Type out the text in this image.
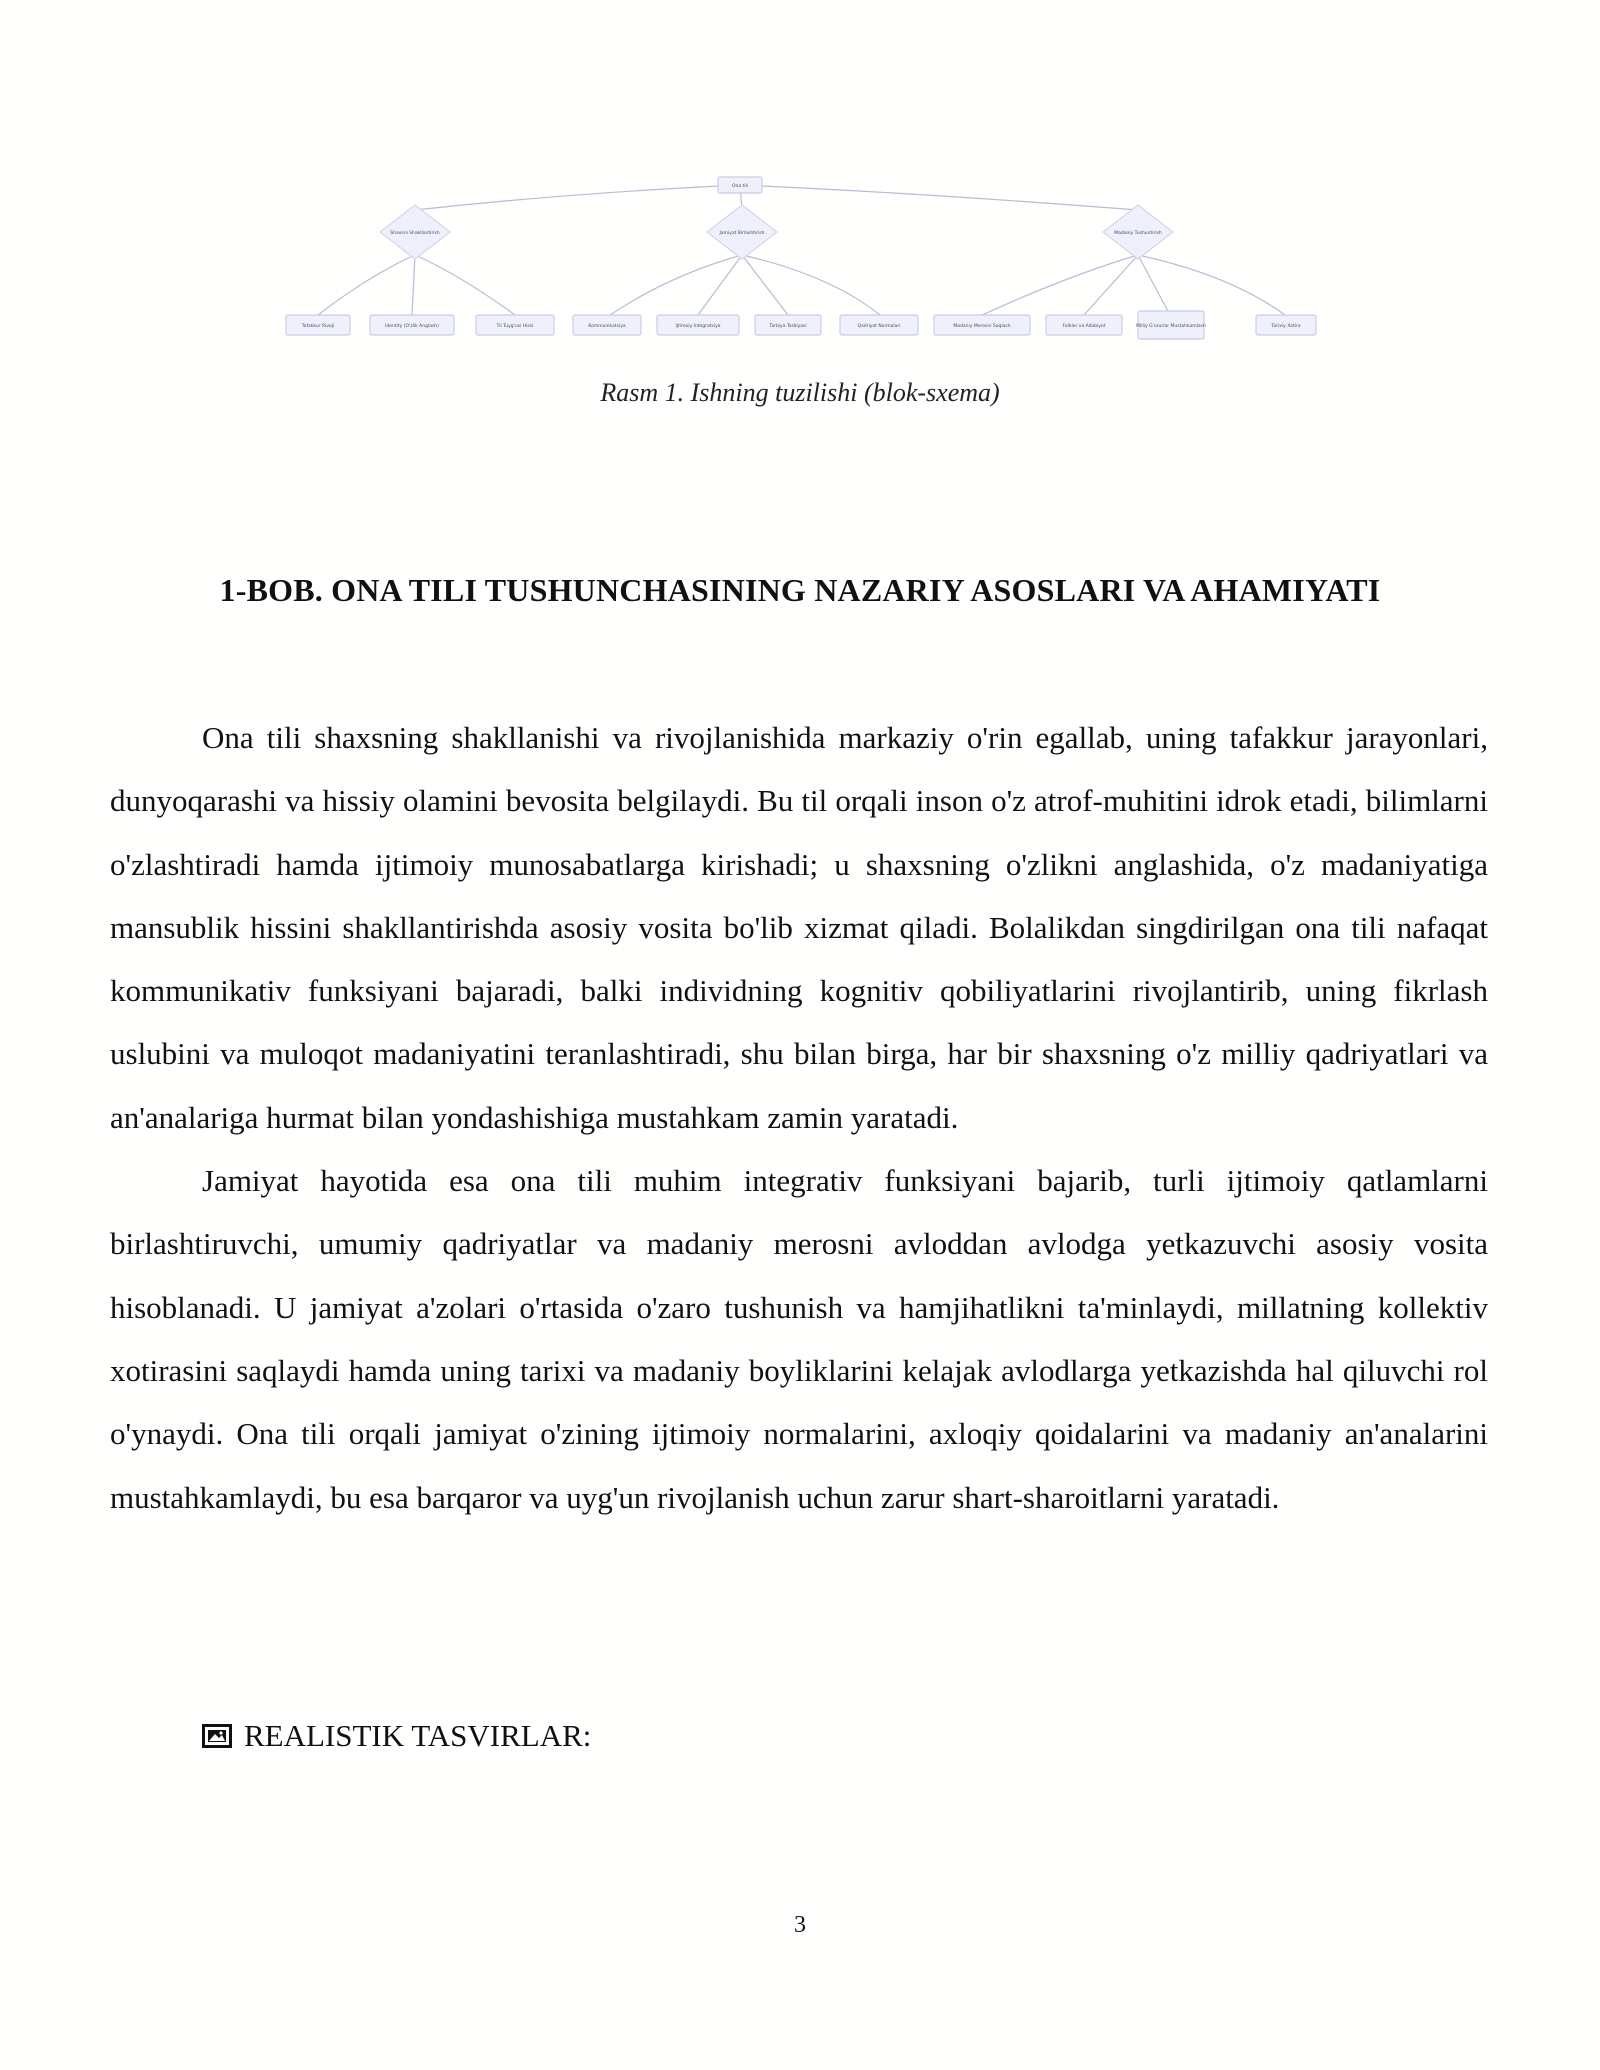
Ona tili
Shaxsni Shakllantirish	Jamiyat Birlashtirish	Madaniy Tushuntirish
Tafakkur Rivoji	Identity (O'zlik Anglash)	Til Tuyg'usi Hissi	Kommunikatsiya	Ijtimoiy Integratsiya	Tarbiya Tarbiyasi	Qadriyat Normalari	Madaniy Merosni Saqlash	Folklor va Adabiyot	Milliy G'ururlar Mustahkamlash	Tarixiy Xotira
Rasm 1. Ishning tuzilishi (blok-sxema)
1-BOB. ONA TILI TUSHUNCHASINING NAZARIY ASOSLARI VA AHAMIYATI

Ona tili shaxsning shakllanishi va rivojlanishida markaziy o'rin egallab, uning tafakkur jarayonlari, dunyoqarashi va hissiy olamini bevosita belgilaydi. Bu til orqali inson o'z atrof-muhitini idrok etadi, bilimlarni o'zlashtiradi hamda ijtimoiy munosabatlarga kirishadi; u shaxsning o'zlikni anglashida, o'z madaniyatiga mansublik hissini shakllantirishda asosiy vosita bo'lib xizmat qiladi. Bolalikdan singdirilgan ona tili nafaqat kommunikativ funksiyani bajaradi, balki individning kognitiv qobiliyatlarini rivojlantirib, uning fikrlash uslubini va muloqot madaniyatini teranlashtiradi, shu bilan birga, har bir shaxsning o'z milliy qadriyatlari va an'analariga hurmat bilan yondashishiga mustahkam zamin yaratadi.

Jamiyat hayotida esa ona tili muhim integrativ funksiyani bajarib, turli ijtimoiy qatlamlarni birlashtiruvchi, umumiy qadriyatlar va madaniy merosni avloddan avlodga yetkazuvchi asosiy vosita hisoblanadi. U jamiyat a'zolari o'rtasida o'zaro tushunish va hamjihatlikni ta'minlaydi, millatning kollektiv xotirasini saqlaydi hamda uning tarixi va madaniy boyliklarini kelajak avlodlarga yetkazishda hal qiluvchi rol o'ynaydi. Ona tili orqali jamiyat o'zining ijtimoiy normalarini, axloqiy qoidalarini va madaniy an'analarini mustahkamlaydi, bu esa barqaror va uyg'un rivojlanish uchun zarur shart-sharoitlarni yaratadi.

REALISTIK TASVIRLAR:
3
